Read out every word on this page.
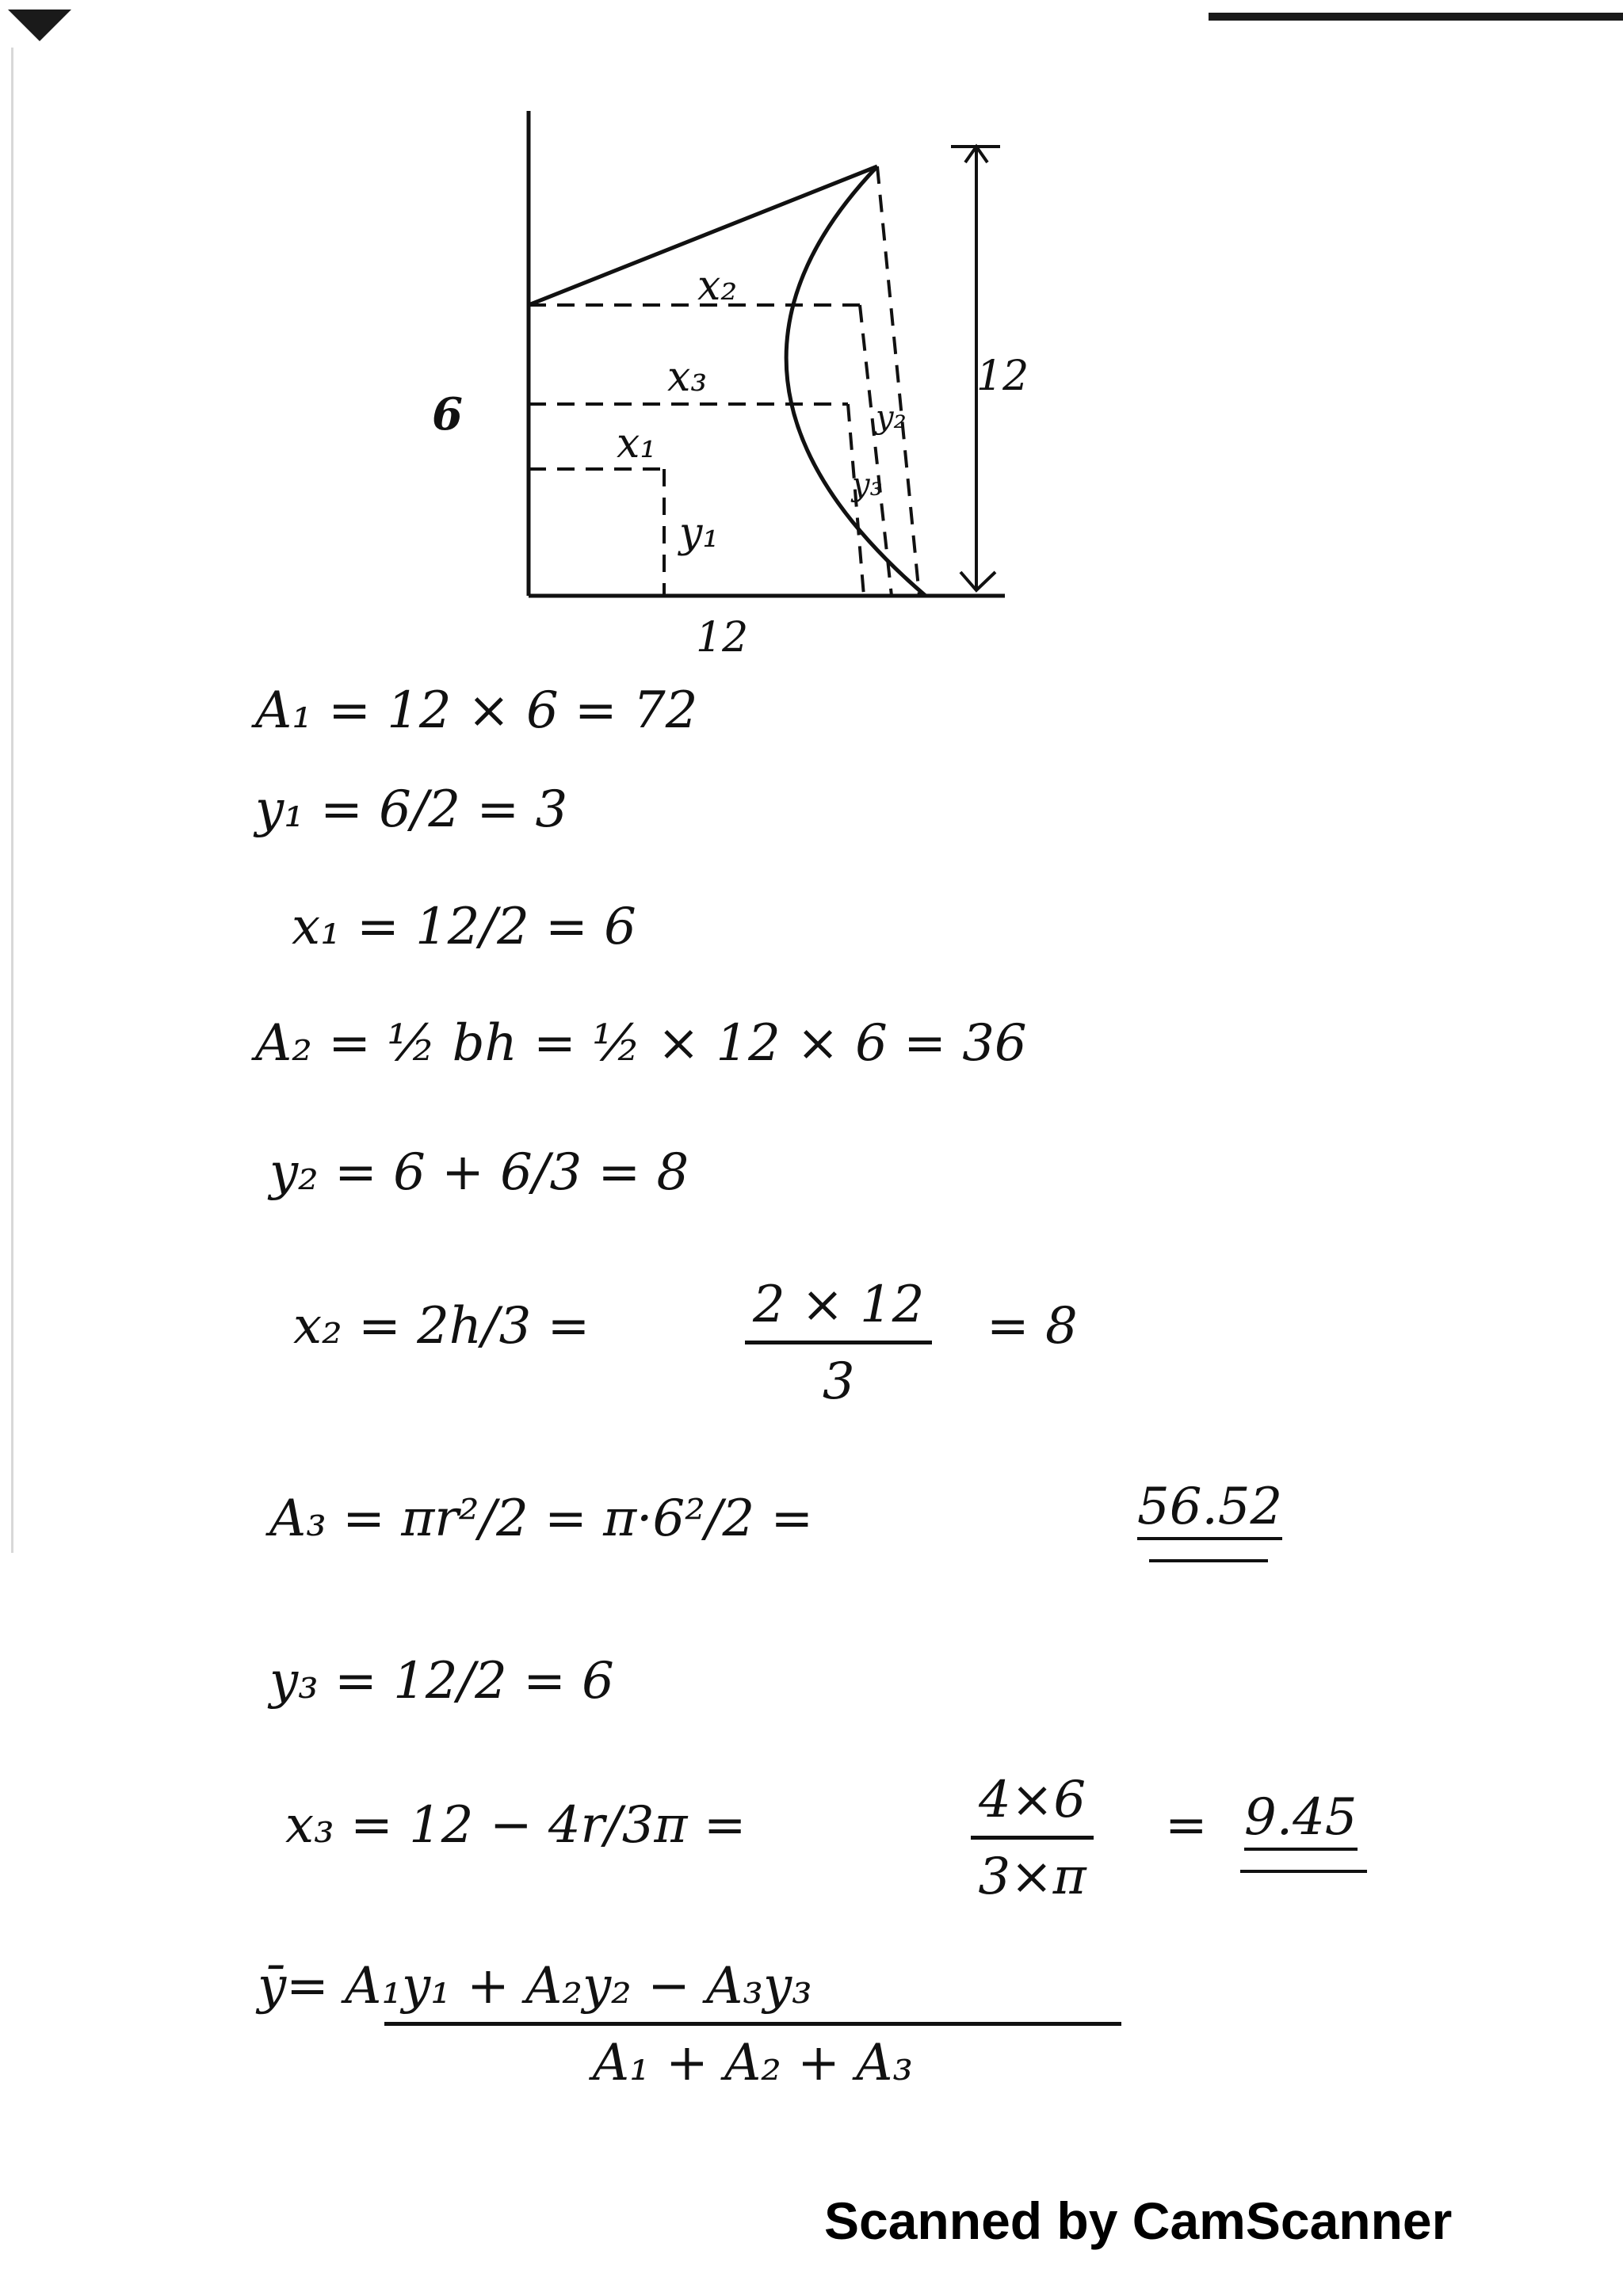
x₂
x₃
x₁
y₁
y₂
y₃
6
12
12
A₁ = 12 × 6 = 72
y₁ = 6/2 = 3
x₁ = 12/2 = 6
A₂ = ½ bh = ½ × 12 × 6 = 36
y₂ = 6 + 6/3 = 8
x₂ = 2h/3 =	2 × 12
3
= 8
A₃ = πr²/2 = π·6²/2 =	56.52
y₃ = 12/2 = 6
x₃ = 12 − 4r/3π =	4×6
3×π
= 9.45
ȳ= A₁y₁ + A₂y₂ − A₃y₃
A₁ + A₂ + A₃
Scanned by CamScanner
